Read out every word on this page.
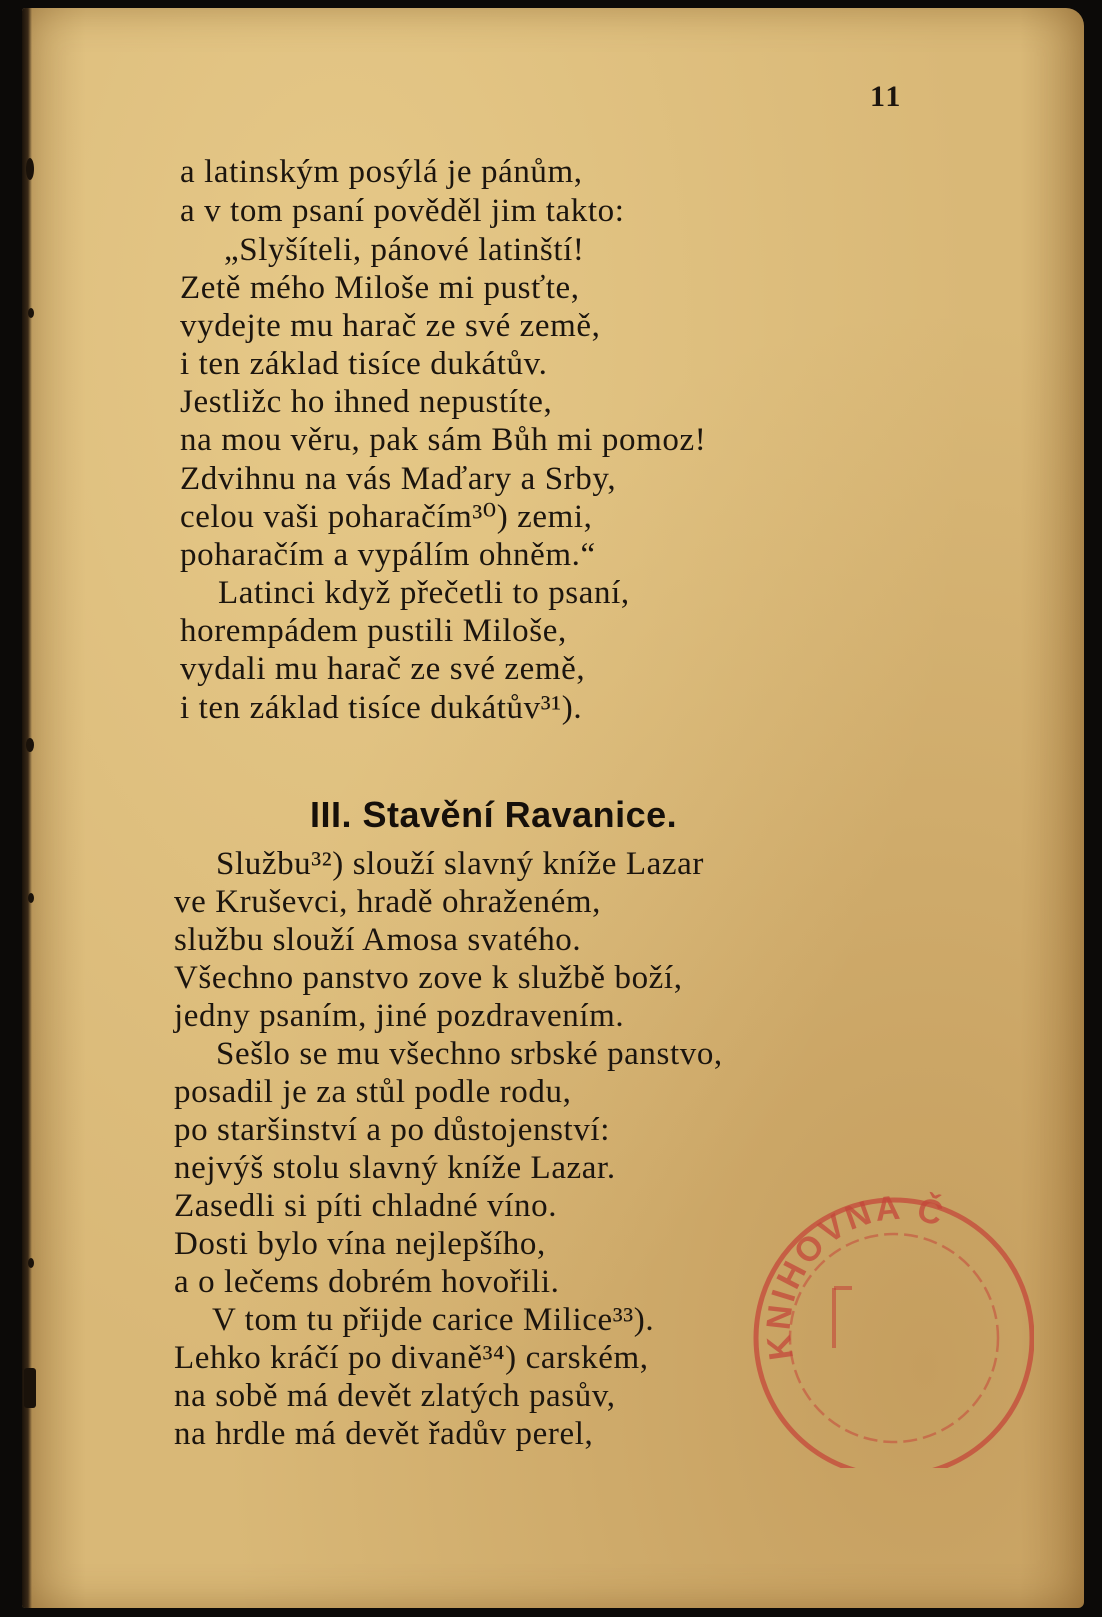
11
a latinským posýlá je pánům,
a v tom psaní pověděl jim takto:
„Slyšíteli, pánové latinští!
Zetě mého Miloše mi pusťte,
vydejte mu harač ze své země,
i ten základ tisíce dukátův.
Jestližc ho ihned nepustíte,
na mou věru, pak sám Bůh mi pomoz!
Zdvihnu na vás Maďary a Srby,
celou vaši poharačím³⁰) zemi,
poharačím a vypálím ohněm.“
Latinci když přečetli to psaní,
horempádem pustili Miloše,
vydali mu harač ze své země,
i ten základ tisíce dukátův³¹).
III. Stavění Ravanice.
Službu³²) slouží slavný kníže Lazar
ve Kruševci, hradě ohraženém,
službu slouží Amosa svatého.
Všechno panstvo zove k službě boží,
jedny psaním, jiné pozdravením.
Sešlo se mu všechno srbské panstvo,
posadil je za stůl podle rodu,
po staršinství a po důstojenství:
nejvýš stolu slavný kníže Lazar.
Zasedli si píti chladné víno.
Dosti bylo vína nejlepšího,
a o lečems dobrém hovořili.
V tom tu přijde carice Milice³³).
Lehko kráčí po divaně³⁴) carském,
na sobě má devět zlatých pasův,
na hrdle má devět řadův perel,
KNIHOVNA Č
